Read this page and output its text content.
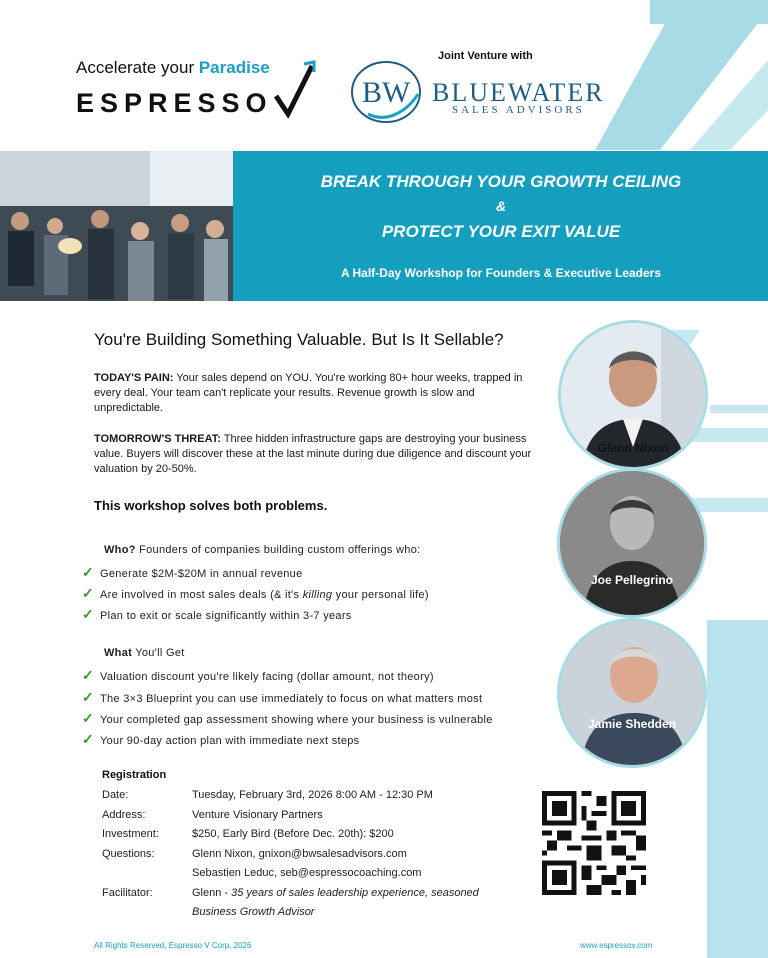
Accelerate your Paradise
ESPRESSO
Joint Venture with
BW BLUEWATER
SALES ADVISORS
BREAK THROUGH YOUR GROWTH CEILING
&
PROTECT YOUR EXIT VALUE
A Half-Day Workshop for Founders & Executive Leaders
You're Building Something Valuable. But Is It Sellable?
TODAY'S PAIN: Your sales depend on YOU. You're working 80+ hour weeks, trapped in every deal. Your team can't replicate your results. Revenue growth is slow and unpredictable.
TOMORROW'S THREAT: Three hidden infrastructure gaps are destroying your business value. Buyers will discover these at the last minute during due diligence and discount your valuation by 20-50%.
This workshop solves both problems.
Who? Founders of companies building custom offerings who:
✓ Generate $2M-$20M in annual revenue
✓ Are involved in most sales deals (& it's killing your personal life)
✓ Plan to exit or scale significantly within 3-7 years
What You'll Get
✓ Valuation discount you're likely facing (dollar amount, not theory)
✓ The 3×3 Blueprint you can use immediately to focus on what matters most
✓ Your completed gap assessment showing where your business is vulnerable
✓ Your 90-day action plan with immediate next steps
Registration
Date:	Tuesday, February 3rd, 2026 8:00 AM - 12:30 PM
Address:	Venture Visionary Partners
Investment:	$250, Early Bird (Before Dec. 20th): $200
Questions:	Glenn Nixon, gnixon@bwsalesadvisors.com
Sebastien Leduc, seb@espressocoaching.com
Facilitator:	Glenn - 35 years of sales leadership experience, seasoned
Business Growth Advisor
Glenn Nixon
Joe Pellegrino
Jamie Shedden
All Rights Reserved, Espresso V Corp, 2026	www.espressov.com
